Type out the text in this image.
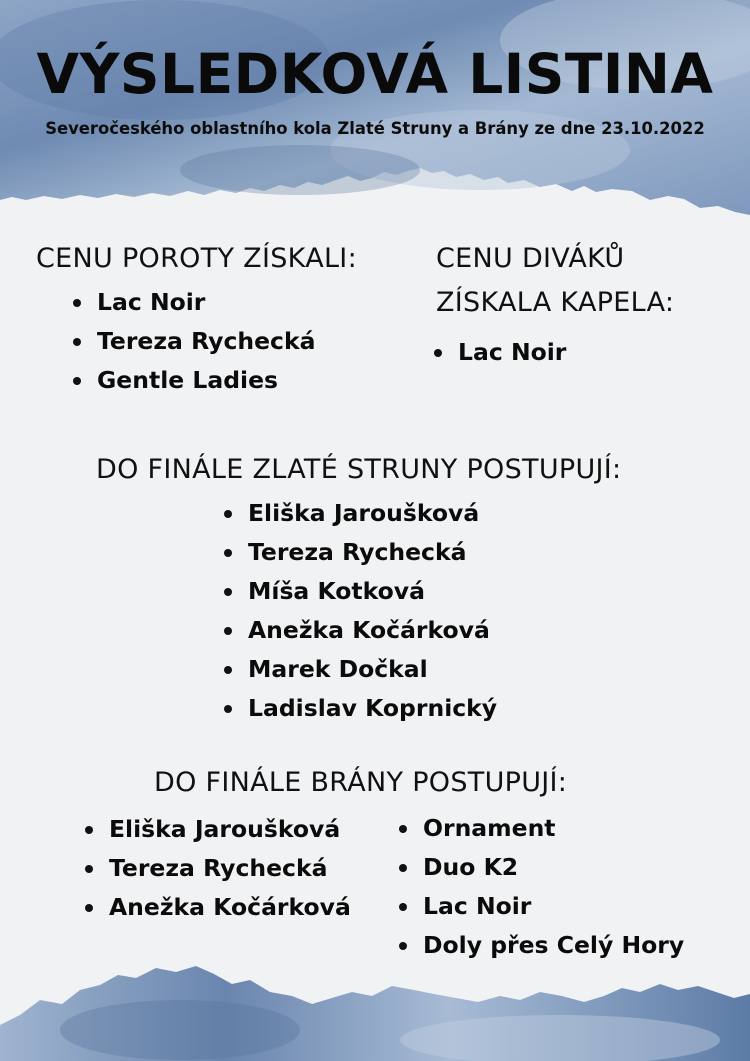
VÝSLEDKOVÁ LISTINA

Severočeského oblastního kola Zlaté Struny a Brány ze dne 23.10.2022

CENU POROTY ZÍSKALI:
Lac Noir
Tereza Rychecká
Gentle Ladies
CENU DIVÁKŮ
ZÍSKALA KAPELA:
Lac Noir
DO FINÁLE ZLATÉ STRUNY POSTUPUJÍ:
Eliška Jaroušková
Tereza Rychecká
Míša Kotková
Anežka Kočárková
Marek Dočkal
Ladislav Koprnický
DO FINÁLE BRÁNY POSTUPUJÍ:
Eliška Jaroušková
Tereza Rychecká
Anežka Kočárková
Ornament
Duo K2
Lac Noir
Doly přes Celý Hory
